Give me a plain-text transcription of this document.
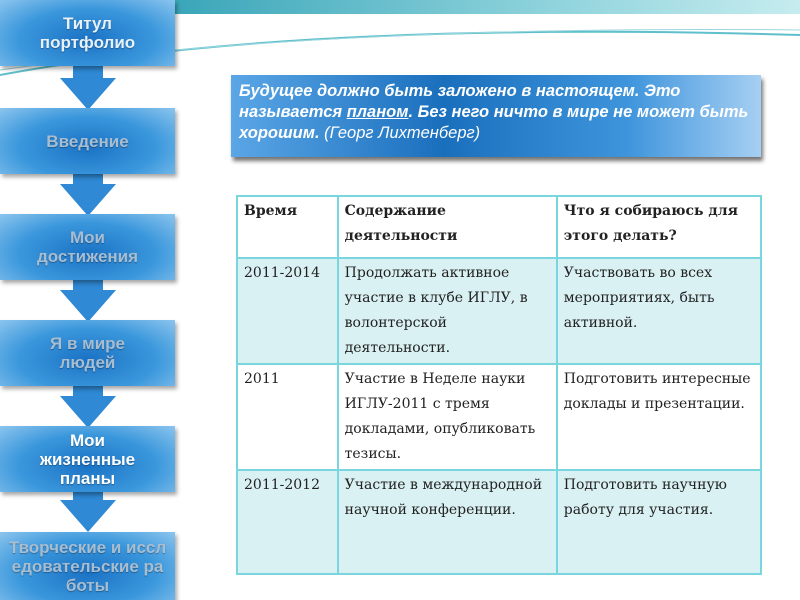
Титул портфолио
Введение
Мои достижения
Я в мире людей
Мои жизненные планы
Творческие и исследовательские работы
Будущее должно быть заложено в настоящем. Это называется планом. Без него ничто в мире не может быть хорошим. (Георг Лихтенберг)
Время	Содержание деятельности	Что я собираюсь для этого делать?
2011-2014	Продолжать активное участие в клубе ИГЛУ, в волонтерской деятельности.	Участвовать во всех мероприятиях, быть активной.
2011	Участие в Неделе науки ИГЛУ-2011 с тремя докладами, опубликовать тезисы.	Подготовить интересные доклады и презентации.
2011-2012	Участие в международной научной конференции.	Подготовить научную работу для участия.
